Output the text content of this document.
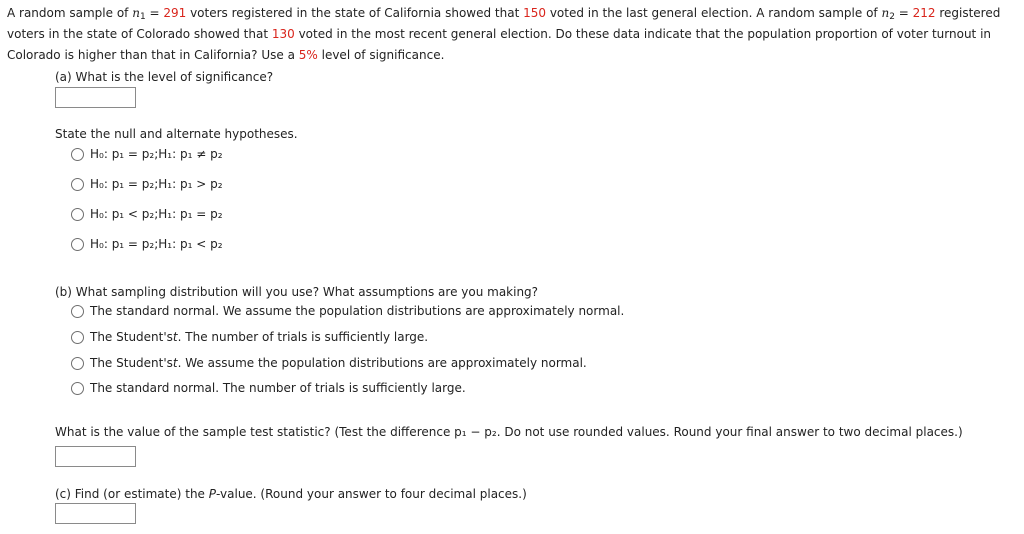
A random sample of $n_1 = 291$ voters registered in the state of California showed that 150 voted in the last general election. A random sample of $n_2 = 212$ registered voters in the state of Colorado showed that 130 voted in the most recent general election. Do these data indicate that the population proportion of voter turnout in Colorado is higher than that in California? Use a 5% level of significance.

(a) What is the level of significance?

State the null and alternate hypotheses.

H₀: p₁ = p₂ ; H₁: p₁ ≠ p₂
H₀: p₁ = p₂ ; H₁: p₁ > p₂
H₀: p₁ < p₂ ; H₁: p₁ = p₂
H₀: p₁ = p₂ ; H₁: p₁ < p₂

(b) What sampling distribution will you use? What assumptions are you making?

The standard normal. We assume the population distributions are approximately normal.
The Student's t . The number of trials is sufficiently large.
The Student's t . We assume the population distributions are approximately normal.
The standard normal. The number of trials is sufficiently large.

What is the value of the sample test statistic? (Test the difference p₁ − p₂. Do not use rounded values. Round your final answer to two decimal places.)

(c) Find (or estimate) the P-value. (Round your answer to four decimal places.)
